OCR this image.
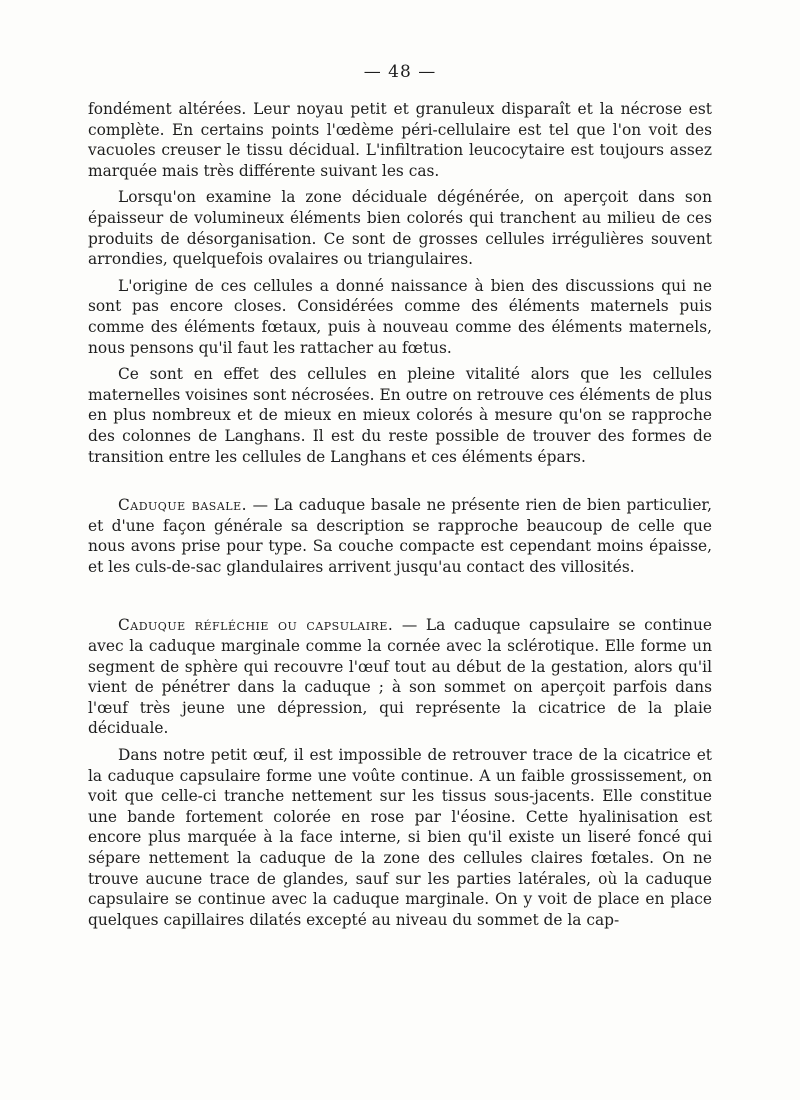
— 48 —

fondément altérées. Leur noyau petit et granuleux disparaît et la nécrose est complète. En certains points l'œdème péri-cellulaire est tel que l'on voit des vacuoles creuser le tissu décidual. L'infiltration leucocytaire est toujours assez marquée mais très différente suivant les cas.

Lorsqu'on examine la zone déciduale dégénérée, on aperçoit dans son épaisseur de volumineux éléments bien colorés qui tranchent au milieu de ces produits de désorganisation. Ce sont de grosses cellules irrégulières souvent arrondies, quelquefois ovalaires ou triangulaires.

L'origine de ces cellules a donné naissance à bien des discussions qui ne sont pas encore closes. Considérées comme des éléments maternels puis comme des éléments fœtaux, puis à nouveau comme des éléments maternels, nous pensons qu'il faut les rattacher au fœtus.

Ce sont en effet des cellules en pleine vitalité alors que les cellules maternelles voisines sont nécrosées. En outre on retrouve ces éléments de plus en plus nombreux et de mieux en mieux colorés à mesure qu'on se rapproche des colonnes de Langhans. Il est du reste possible de trouver des formes de transition entre les cellules de Langhans et ces éléments épars.

Caduque basale. — La caduque basale ne présente rien de bien particulier, et d'une façon générale sa description se rapproche beaucoup de celle que nous avons prise pour type. Sa couche compacte est cependant moins épaisse, et les culs-de-sac glandulaires arrivent jusqu'au contact des villosités.

Caduque réfléchie ou capsulaire. — La caduque capsulaire se continue avec la caduque marginale comme la cornée avec la sclérotique. Elle forme un segment de sphère qui recouvre l'œuf tout au début de la gestation, alors qu'il vient de pénétrer dans la caduque ; à son sommet on aperçoit parfois dans l'œuf très jeune une dépression, qui représente la cicatrice de la plaie déciduale.

Dans notre petit œuf, il est impossible de retrouver trace de la cicatrice et la caduque capsulaire forme une voûte continue. A un faible grossissement, on voit que celle-ci tranche nettement sur les tissus sous-jacents. Elle constitue une bande fortement colorée en rose par l'éosine. Cette hyalinisation est encore plus marquée à la face interne, si bien qu'il existe un liseré foncé qui sépare nettement la caduque de la zone des cellules claires fœtales. On ne trouve aucune trace de glandes, sauf sur les parties latérales, où la caduque capsulaire se continue avec la caduque marginale. On y voit de place en place quelques capillaires dilatés excepté au niveau du sommet de la cap-
